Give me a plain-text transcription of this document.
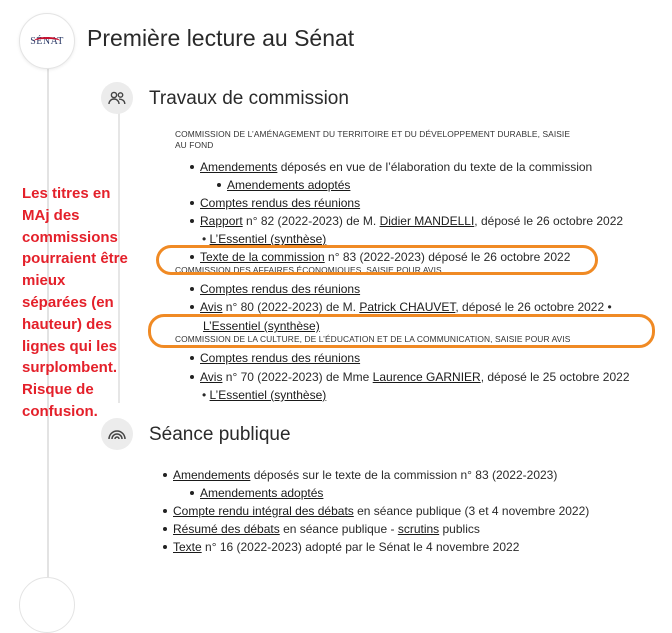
SÉNAT Première lecture au Sénat
Travaux de commission
COMMISSION DE L’AMÉNAGEMENT DU TERRITOIRE ET DU DÉVELOPPEMENT DURABLE, SAISIE
AU FOND
Amendements déposés en vue de l’élaboration du texte de la commission
Amendements adoptés
Comptes rendus des réunions
Rapport n° 82 (2022-2023) de M. Didier MANDELLI, déposé le 26 octobre 2022
• L’Essentiel (synthèse)
Texte de la commission n° 83 (2022-2023) déposé le 26 octobre 2022
COMMISSION DES AFFAIRES ÉCONOMIQUES, SAISIE POUR AVIS
Comptes rendus des réunions
Avis n° 80 (2022-2023) de M. Patrick CHAUVET, déposé le 26 octobre 2022 •
L’Essentiel (synthèse)
COMMISSION DE LA CULTURE, DE L’ÉDUCATION ET DE LA COMMUNICATION, SAISIE POUR AVIS
Comptes rendus des réunions
Avis n° 70 (2022-2023) de Mme Laurence GARNIER, déposé le 25 octobre 2022
• L’Essentiel (synthèse)
Séance publique
Amendements déposés sur le texte de la commission n° 83 (2022-2023)
Amendements adoptés
Compte rendu intégral des débats en séance publique (3 et 4 novembre 2022)
Résumé des débats en séance publique - scrutins publics
Texte n° 16 (2022-2023) adopté par le Sénat le 4 novembre 2022
Les titres en MAj des commissions pourraient être mieux séparées (en hauteur) des lignes qui les surplombent. Risque de confusion.
